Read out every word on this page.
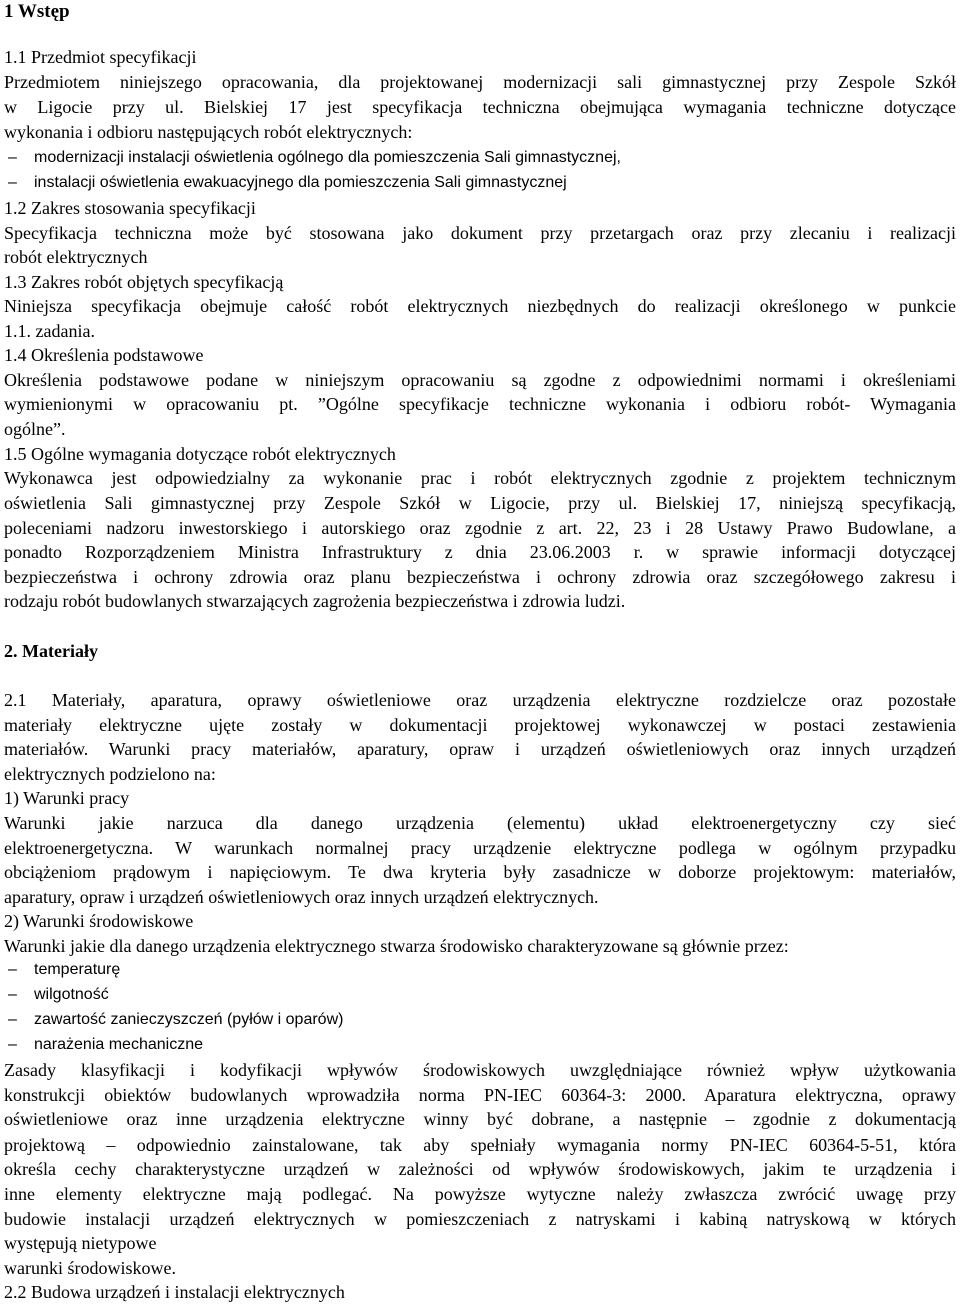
1 Wstęp
1.1 Przedmiot specyfikacji
Przedmiotem niniejszego opracowania, dla projektowanej modernizacji sali gimnastycznej przy Zespole Szkół
w Ligocie przy ul. Bielskiej 17 jest specyfikacja techniczna obejmująca wymagania techniczne dotyczące
wykonania i odbioru następujących robót elektrycznych:
– modernizacji instalacji oświetlenia ogólnego dla pomieszczenia Sali gimnastycznej,
– instalacji oświetlenia ewakuacyjnego dla pomieszczenia Sali gimnastycznej
1.2 Zakres stosowania specyfikacji
Specyfikacja techniczna może być stosowana jako dokument przy przetargach oraz przy zlecaniu i realizacji
robót elektrycznych
1.3 Zakres robót objętych specyfikacją
Niniejsza specyfikacja obejmuje całość robót elektrycznych niezbędnych do realizacji określonego w punkcie
1.1. zadania.
1.4 Określenia podstawowe
Określenia podstawowe podane w niniejszym opracowaniu są zgodne z odpowiednimi normami i określeniami
wymienionymi w opracowaniu pt. ”Ogólne specyfikacje techniczne wykonania i odbioru robót- Wymagania
ogólne”.
1.5 Ogólne wymagania dotyczące robót elektrycznych
Wykonawca jest odpowiedzialny za wykonanie prac i robót elektrycznych zgodnie z projektem technicznym
oświetlenia Sali gimnastycznej przy Zespole Szkół w Ligocie, przy ul. Bielskiej 17, niniejszą specyfikacją,
poleceniami nadzoru inwestorskiego i autorskiego oraz zgodnie z art. 22, 23 i 28 Ustawy Prawo Budowlane, a
ponadto Rozporządzeniem Ministra Infrastruktury z dnia 23.06.2003 r. w sprawie informacji dotyczącej
bezpieczeństwa i ochrony zdrowia oraz planu bezpieczeństwa i ochrony zdrowia oraz szczegółowego zakresu i
rodzaju robót budowlanych stwarzających zagrożenia bezpieczeństwa i zdrowia ludzi.
2. Materiały
2.1 Materiały, aparatura, oprawy oświetleniowe oraz urządzenia elektryczne rozdzielcze oraz pozostałe
materiały elektryczne ujęte zostały w dokumentacji projektowej wykonawczej w postaci zestawienia
materiałów. Warunki pracy materiałów, aparatury, opraw i urządzeń oświetleniowych oraz innych urządzeń
elektrycznych podzielono na:
1) Warunki pracy
Warunki jakie narzuca dla danego urządzenia (elementu) układ elektroenergetyczny czy sieć
elektroenergetyczna. W warunkach normalnej pracy urządzenie elektryczne podlega w ogólnym przypadku
obciążeniom prądowym i napięciowym. Te dwa kryteria były zasadnicze w doborze projektowym: materiałów,
aparatury, opraw i urządzeń oświetleniowych oraz innych urządzeń elektrycznych.
2) Warunki środowiskowe
Warunki jakie dla danego urządzenia elektrycznego stwarza środowisko charakteryzowane są głównie przez:
– temperaturę
– wilgotność
– zawartość zanieczyszczeń (pyłów i oparów)
– narażenia mechaniczne
Zasady klasyfikacji i kodyfikacji wpływów środowiskowych uwzględniające również wpływ użytkowania
konstrukcji obiektów budowlanych wprowadziła norma PN-IEC 60364-3: 2000. Aparatura elektryczna, oprawy
oświetleniowe oraz inne urządzenia elektryczne winny być dobrane, a następnie – zgodnie z dokumentacją
projektową – odpowiednio zainstalowane, tak aby spełniały wymagania normy PN-IEC 60364-5-51, która
określa cechy charakterystyczne urządzeń w zależności od wpływów środowiskowych, jakim te urządzenia i
inne elementy elektryczne mają podlegać. Na powyższe wytyczne należy zwłaszcza zwrócić uwagę przy
budowie instalacji urządzeń elektrycznych w pomieszczeniach z natryskami i kabiną natryskową w których
występują nietypowe
warunki środowiskowe.
2.2 Budowa urządzeń i instalacji elektrycznych
